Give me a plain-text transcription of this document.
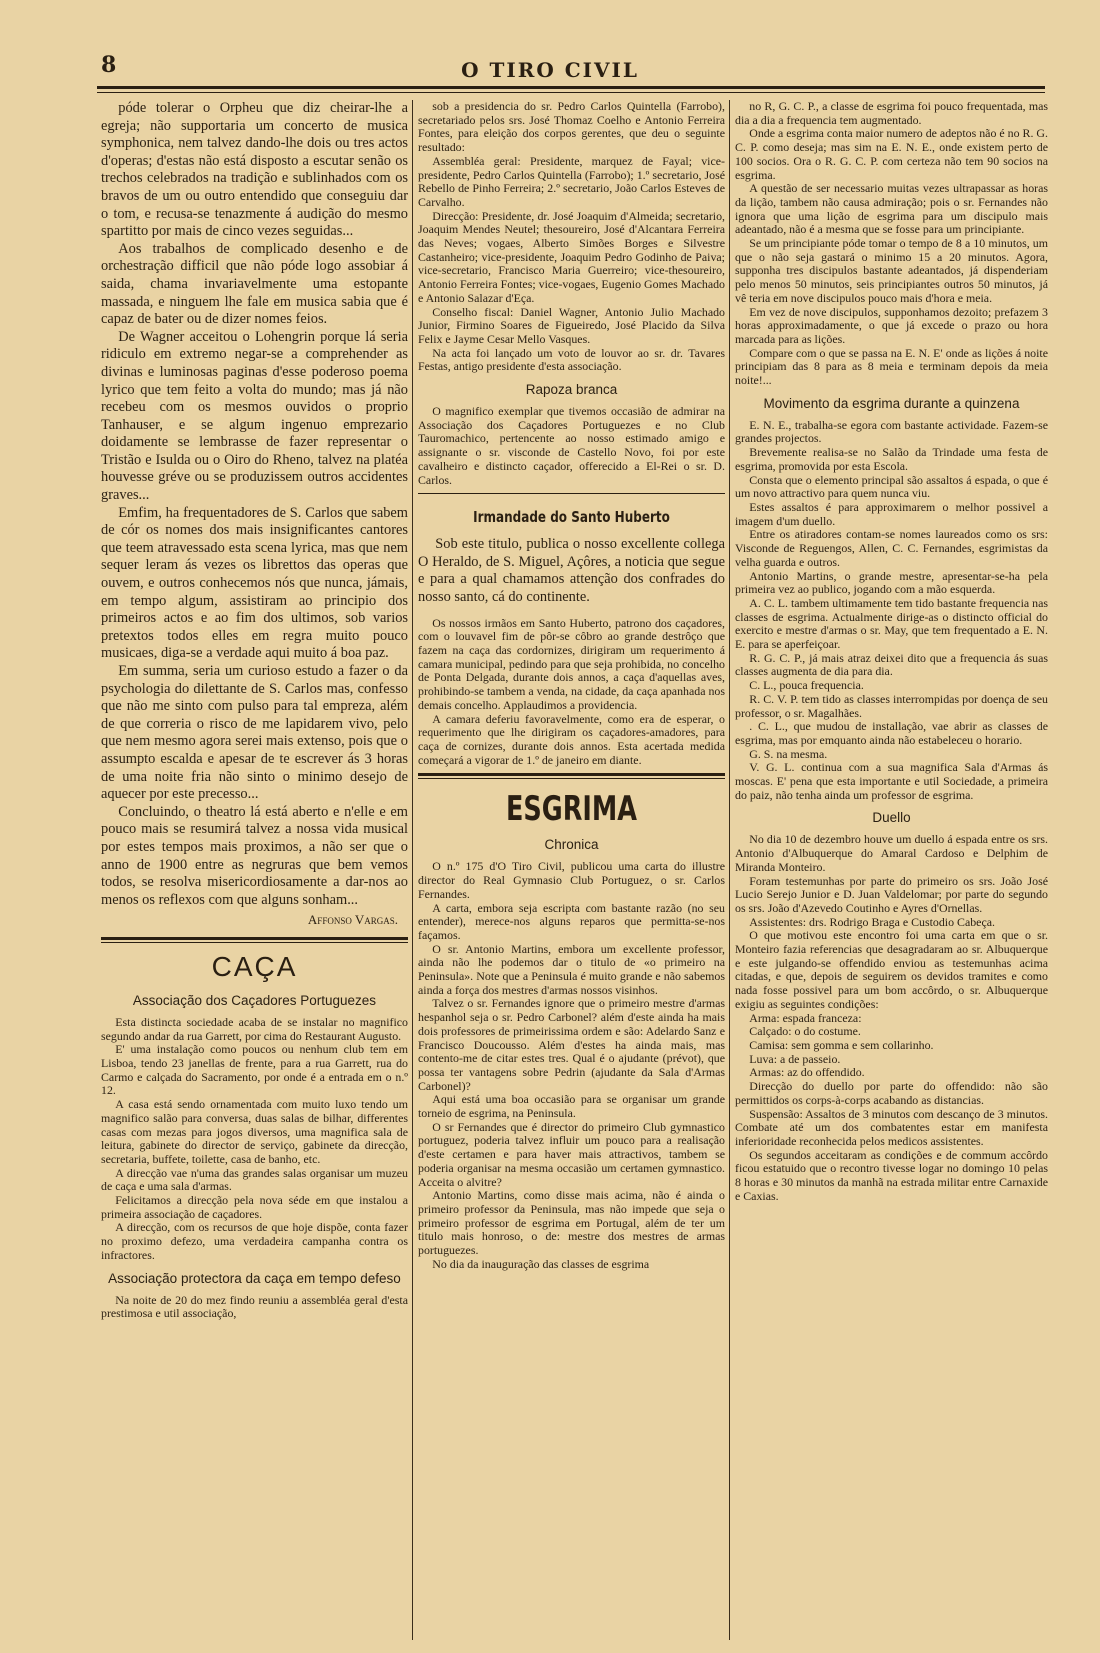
8	O TIRO CIVIL

póde tolerar o Orpheu que diz cheirar-lhe a egreja; não supportaria um concerto de musica symphonica, nem talvez dando-lhe dois ou tres actos d'operas; d'estas não está disposto a escutar senão os trechos celebrados na tradição e sublinhados com os bravos de um ou outro entendido que conseguiu dar o tom, e recusa-se tenazmente á audição do mesmo spartitto por mais de cinco vezes seguidas...

Aos trabalhos de complicado desenho e de orchestração difficil que não póde logo assobiar á saida, chama invariavelmente uma estopante massada, e ninguem lhe fale em musica sabia que é capaz de bater ou de dizer nomes feios.

De Wagner acceitou o Lohengrin porque lá seria ridiculo em extremo negar-se a comprehender as divinas e luminosas paginas d'esse poderoso poema lyrico que tem feito a volta do mundo; mas já não recebeu com os mesmos ouvidos o proprio Tanhauser, e se algum ingenuo emprezario doidamente se lembrasse de fazer representar o Tristão e Isulda ou o Oiro do Rheno, talvez na platéa houvesse gréve ou se produzissem outros accidentes graves...

Emfim, ha frequentadores de S. Carlos que sabem de cór os nomes dos mais insignificantes cantores que teem atravessado esta scena lyrica, mas que nem sequer leram ás vezes os librettos das operas que ouvem, e outros conhecemos nós que nunca, jámais, em tempo algum, assistiram ao principio dos primeiros actos e ao fim dos ultimos, sob varios pretextos todos elles em regra muito pouco musicaes, diga-se a verdade aqui muito á boa paz.

Em summa, seria um curioso estudo a fazer o da psychologia do dilettante de S. Carlos mas, confesso que não me sinto com pulso para tal empreza, além de que correria o risco de me lapidarem vivo, pelo que nem mesmo agora serei mais extenso, pois que o assumpto escalda e apesar de te escrever ás 3 horas de uma noite fria não sinto o minimo desejo de aquecer por este precesso...

Concluindo, o theatro lá está aberto e n'elle e em pouco mais se resumirá talvez a nossa vida musical por estes tempos mais proximos, a não ser que o anno de 1900 entre as negruras que bem vemos todos, se resolva misericordiosamente a dar-nos ao menos os reflexos com que alguns sonham...

Affonso Vargas.
CAÇA
Associação dos Caçadores Portuguezes

Esta distincta sociedade acaba de se instalar no magnifico segundo andar da rua Garrett, por cima do Restaurant Augusto.

E' uma instalação como poucos ou nenhum club tem em Lisboa, tendo 23 janellas de frente, para a rua Garrett, rua do Carmo e calçada do Sacramento, por onde é a entrada em o n.º 12.

A casa está sendo ornamentada com muito luxo tendo um magnifico salão para conversa, duas salas de bilhar, differentes casas com mezas para jogos diversos, uma magnifica sala de leitura, gabinete do director de serviço, gabinete da direcção, secretaria, buffete, toilette, casa de banho, etc.

A direcção vae n'uma das grandes salas organisar um muzeu de caça e uma sala d'armas.

Felicitamos a direcção pela nova séde em que instalou a primeira associação de caçadores.

A direcção, com os recursos de que hoje dispõe, conta fazer no proximo defezo, uma verdadeira campanha contra os infractores.

Associação protectora da caça em tempo defeso

Na noite de 20 do mez findo reuniu a assembléa geral d'esta prestimosa e util associação,

sob a presidencia do sr. Pedro Carlos Quintella (Farrobo), secretariado pelos srs. José Thomaz Coelho e Antonio Ferreira Fontes, para eleição dos corpos gerentes, que deu o seguinte resultado:

Assembléa geral: Presidente, marquez de Fayal; vice-presidente, Pedro Carlos Quintella (Farrobo); 1.º secretario, José Rebello de Pinho Ferreira; 2.º secretario, João Carlos Esteves de Carvalho.

Direcção: Presidente, dr. José Joaquim d'Almeida; secretario, Joaquim Mendes Neutel; thesoureiro, José d'Alcantara Ferreira das Neves; vogaes, Alberto Simões Borges e Silvestre Castanheiro; vice-presidente, Joaquim Pedro Godinho de Paiva; vice-secretario, Francisco Maria Guerreiro; vice-thesoureiro, Antonio Ferreira Fontes; vice-vogaes, Eugenio Gomes Machado e Antonio Salazar d'Eça.

Conselho fiscal: Daniel Wagner, Antonio Julio Machado Junior, Firmino Soares de Figueiredo, José Placido da Silva Felix e Jayme Cesar Mello Vasques.

Na acta foi lançado um voto de louvor ao sr. dr. Tavares Festas, antigo presidente d'esta associação.

Rapoza branca

O magnifico exemplar que tivemos occasião de admirar na Associação dos Caçadores Portuguezes e no Club Tauromachico, pertencente ao nosso estimado amigo e assignante o sr. visconde de Castello Novo, foi por este cavalheiro e distincto caçador, offerecido a El-Rei o sr. D. Carlos.

Irmandade do Santo Huberto

Sob este titulo, publica o nosso excellente collega O Heraldo, de S. Miguel, Açôres, a noticia que segue e para a qual chamamos attenção dos confrades do nosso santo, cá do continente.

Os nossos irmãos em Santo Huberto, patrono dos caçadores, com o louvavel fim de pôr-se côbro ao grande destrôço que fazem na caça das cordornizes, dirigiram um requerimento á camara municipal, pedindo para que seja prohibida, no concelho de Ponta Delgada, durante dois annos, a caça d'aquellas aves, prohibindo-se tambem a venda, na cidade, da caça apanhada nos demais concelho. Applaudimos a providencia.

A camara deferiu favoravelmente, como era de esperar, o requerimento que lhe dirigiram os caçadores-amadores, para caça de cornizes, durante dois annos. Esta acertada medida começará a vigorar de 1.º de janeiro em diante.

ESGRIMA
Chronica

O n.º 175 d'O Tiro Civil, publicou uma carta do illustre director do Real Gymnasio Club Portuguez, o sr. Carlos Fernandes.

A carta, embora seja escripta com bastante razão (no seu entender), merece-nos alguns reparos que permitta-se-nos façamos.

O sr. Antonio Martins, embora um excellente professor, ainda não lhe podemos dar o titulo de «o primeiro na Peninsula». Note que a Peninsula é muito grande e não sabemos ainda a força dos mestres d'armas nossos visinhos.

Talvez o sr. Fernandes ignore que o primeiro mestre d'armas hespanhol seja o sr. Pedro Carbonel? além d'este ainda ha mais dois professores de primeirissima ordem e são: Adelardo Sanz e Francisco Doucousso. Além d'estes ha ainda mais, mas contento-me de citar estes tres. Qual é o ajudante (prévot), que possa ter vantagens sobre Pedrin (ajudante da Sala d'Armas Carbonel)?

Aqui está uma boa occasião para se organisar um grande torneio de esgrima, na Peninsula.

O sr Fernandes que é director do primeiro Club gymnastico portuguez, poderia talvez influir um pouco para a realisação d'este certamen e para haver mais attractivos, tambem se poderia organisar na mesma occasião um certamen gymnastico. Acceita o alvitre?

Antonio Martins, como disse mais acima, não é ainda o primeiro professor da Peninsula, mas não impede que seja o primeiro professor de esgrima em Portugal, além de ter um titulo mais honroso, o de: mestre dos mestres de armas portuguezes.

No dia da inauguração das classes de esgrima

no R, G. C. P., a classe de esgrima foi pouco frequentada, mas dia a dia a frequencia tem augmentado.

Onde a esgrima conta maior numero de adeptos não é no R. G. C. P. como deseja; mas sim na E. N. E., onde existem perto de 100 socios. Ora o R. G. C. P. com certeza não tem 90 socios na esgrima.

A questão de ser necessario muitas vezes ultrapassar as horas da lição, tambem não causa admiração; pois o sr. Fernandes não ignora que uma lição de esgrima para um discipulo mais adeantado, não é a mesma que se fosse para um principiante.

Se um principiante póde tomar o tempo de 8 a 10 minutos, um que o não seja gastará o minimo 15 a 20 minutos. Agora, supponha tres discipulos bastante adeantados, já dispenderiam pelo menos 50 minutos, seis principiantes outros 50 minutos, já vê teria em nove discipulos pouco mais d'hora e meia.

Em vez de nove discipulos, supponhamos dezoito; prefazem 3 horas approximadamente, o que já excede o prazo ou hora marcada para as lições.

Compare com o que se passa na E. N. E' onde as lições á noite principiam das 8 para as 8 meia e terminam depois da meia noite!...

Movimento da esgrima durante a quinzena

E. N. E., trabalha-se egora com bastante actividade. Fazem-se grandes projectos.

Brevemente realisa-se no Salão da Trindade uma festa de esgrima, promovida por esta Escola.

Consta que o elemento principal são assaltos á espada, o que é um novo attractivo para quem nunca viu.

Estes assaltos é para approximarem o melhor possivel a imagem d'um duello.

Entre os atiradores contam-se nomes laureados como os srs: Visconde de Reguengos, Allen, C. C. Fernandes, esgrimistas da velha guarda e outros.

Antonio Martins, o grande mestre, apresentar-se-ha pela primeira vez ao publico, jogando com a mão esquerda.

A. C. L. tambem ultimamente tem tido bastante frequencia nas classes de esgrima. Actualmente dirige-as o distincto official do exercito e mestre d'armas o sr. May, que tem frequentado a E. N. E. para se aperfeiçoar.

R. G. C. P., já mais atraz deixei dito que a frequencia ás suas classes augmenta de dia para dia.

C. L., pouca frequencia.

R. C. V. P. tem tido as classes interrompidas por doença de seu professor, o sr. Magalhães.

. C. L., que mudou de installação, vae abrir as classes de esgrima, mas por emquanto ainda não estabeleceu o horario.

G. S. na mesma.

V. G. L. continua com a sua magnifica Sala d'Armas ás moscas. E' pena que esta importante e util Sociedade, a primeira do paiz, não tenha ainda um professor de esgrima.

Duello

No dia 10 de dezembro houve um duello á espada entre os srs. Antonio d'Albuquerque do Amaral Cardoso e Delphim de Miranda Monteiro.

Foram testemunhas por parte do primeiro os srs. João José Lucio Serejo Junior e D. Juan Valdelomar; por parte do segundo os srs. João d'Azevedo Coutinho e Ayres d'Ornellas.

Assistentes: drs. Rodrigo Braga e Custodio Cabeça.

O que motivou este encontro foi uma carta em que o sr. Monteiro fazia referencias que desagradaram ao sr. Albuquerque e este julgando-se offendido enviou as testemunhas acima citadas, e que, depois de seguirem os devidos tramites e como nada fosse possivel para um bom accôrdo, o sr. Albuquerque exigiu as seguintes condições:

Arma: espada franceza:

Calçado: o do costume.

Camisa: sem gomma e sem collarinho.

Luva: a de passeio.

Armas: az do offendido.

Direcção do duello por parte do offendido: não são permittidos os corps-à-corps acabando as distancias.

Suspensão: Assaltos de 3 minutos com descanço de 3 minutos. Combate até um dos combatentes estar em manifesta inferioridade reconhecida pelos medicos assistentes.

Os segundos acceitaram as condições e de commum accôrdo ficou estatuido que o recontro tivesse logar no domingo 10 pelas 8 horas e 30 minutos da manhã na estrada militar entre Carnaxide e Caxias.
